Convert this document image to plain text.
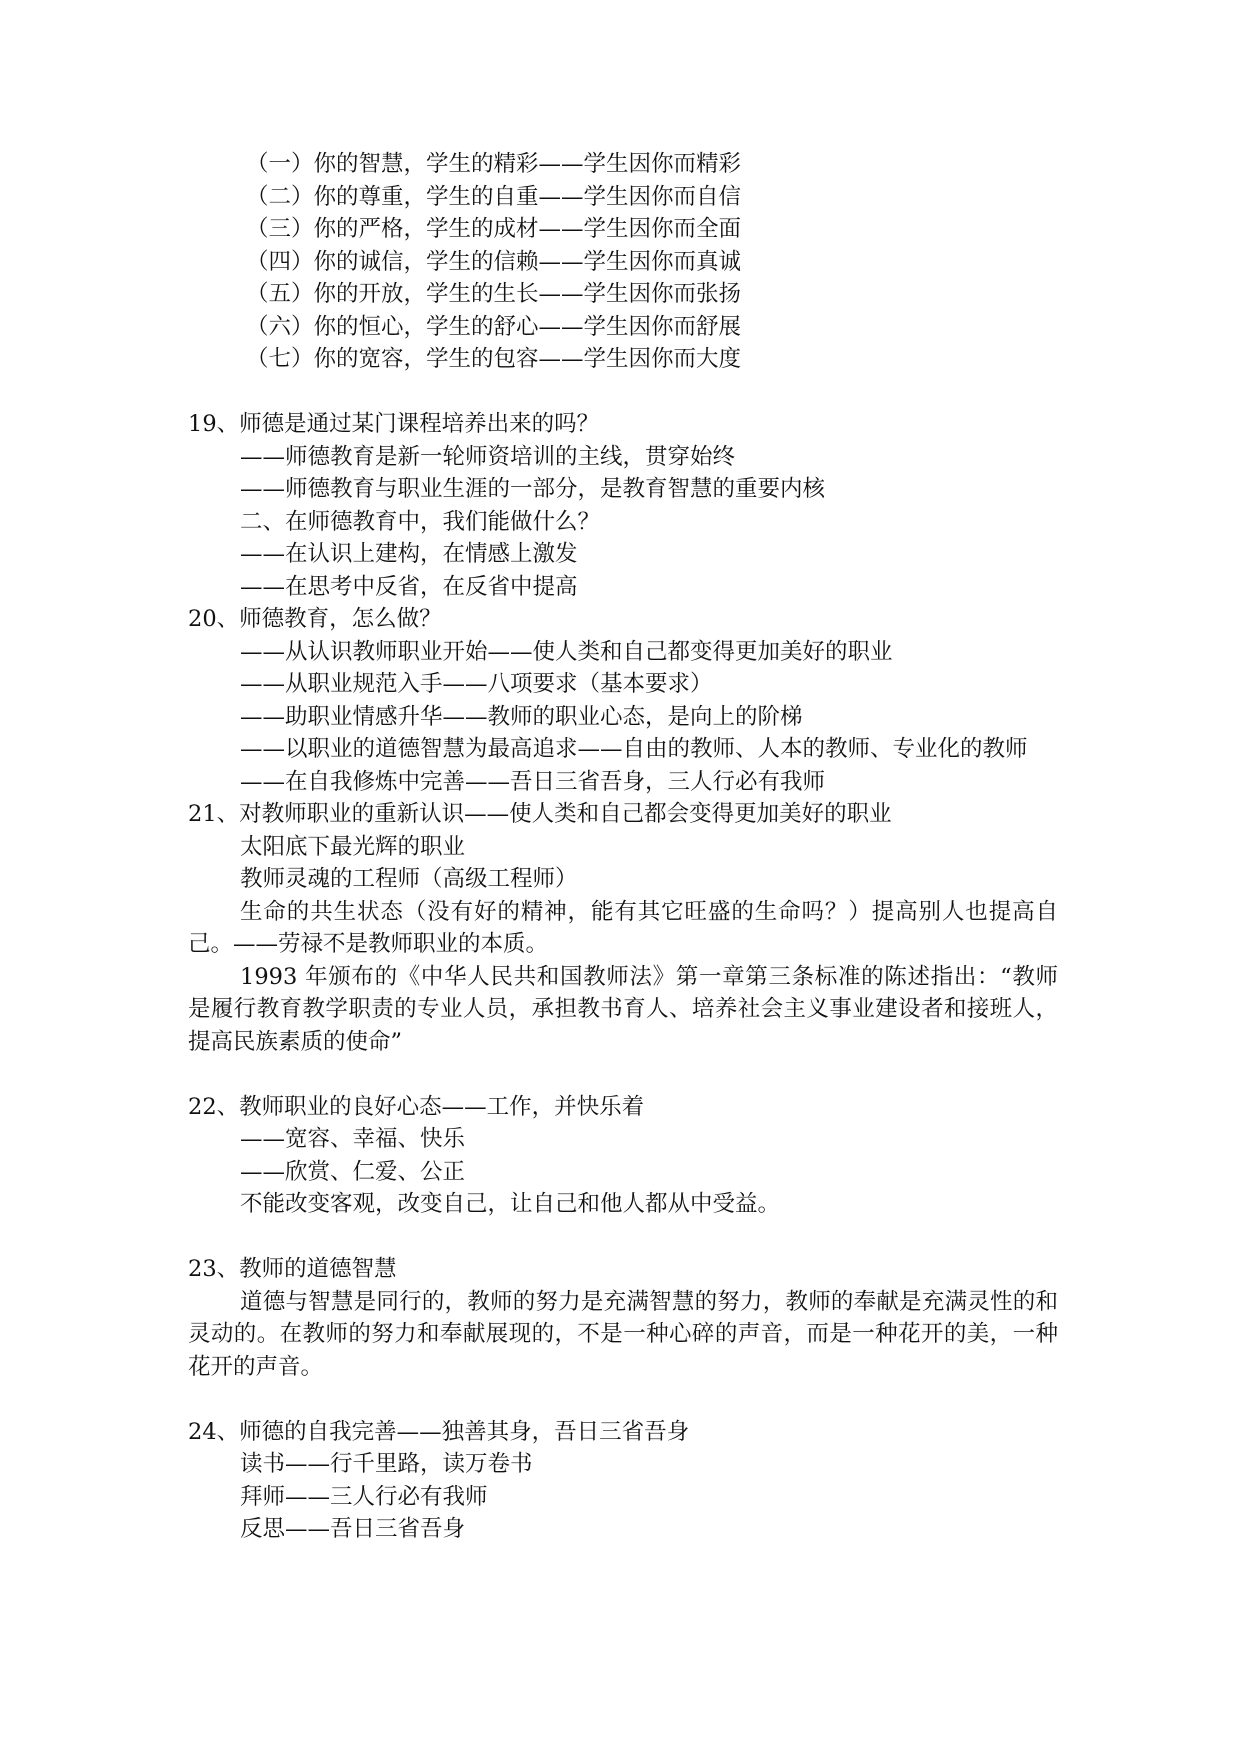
（一）你的智慧，学生的精彩——学生因你而精彩

（二）你的尊重，学生的自重——学生因你而自信

（三）你的严格，学生的成材——学生因你而全面

（四）你的诚信，学生的信赖——学生因你而真诚

（五）你的开放，学生的生长——学生因你而张扬

（六）你的恒心，学生的舒心——学生因你而舒展

（七）你的宽容，学生的包容——学生因你而大度

19、师德是通过某门课程培养出来的吗？

——师德教育是新一轮师资培训的主线，贯穿始终

——师德教育与职业生涯的一部分，是教育智慧的重要内核

二、在师德教育中，我们能做什么？

——在认识上建构，在情感上激发

——在思考中反省，在反省中提高

20、师德教育，怎么做？

——从认识教师职业开始——使人类和自己都变得更加美好的职业

——从职业规范入手——八项要求（基本要求）

——助职业情感升华——教师的职业心态，是向上的阶梯

——以职业的道德智慧为最高追求——自由的教师、人本的教师、专业化的教师

——在自我修炼中完善——吾日三省吾身，三人行必有我师

21、对教师职业的重新认识——使人类和自己都会变得更加美好的职业

太阳底下最光辉的职业

教师灵魂的工程师（高级工程师）

生命的共生状态（没有好的精神，能有其它旺盛的生命吗？）提高别人也提高自己。——劳禄不是教师职业的本质。

1993 年颁布的《中华人民共和国教师法》第一章第三条标准的陈述指出：“教师是履行教育教学职责的专业人员，承担教书育人、培养社会主义事业建设者和接班人，提高民族素质的使命”

22、教师职业的良好心态——工作，并快乐着

——宽容、幸福、快乐

——欣赏、仁爱、公正

不能改变客观，改变自己，让自己和他人都从中受益。

23、教师的道德智慧

道德与智慧是同行的，教师的努力是充满智慧的努力，教师的奉献是充满灵性的和灵动的。在教师的努力和奉献展现的，不是一种心碎的声音，而是一种花开的美，一种花开的声音。

24、师德的自我完善——独善其身，吾日三省吾身

读书——行千里路，读万卷书

拜师——三人行必有我师

反思——吾日三省吾身
